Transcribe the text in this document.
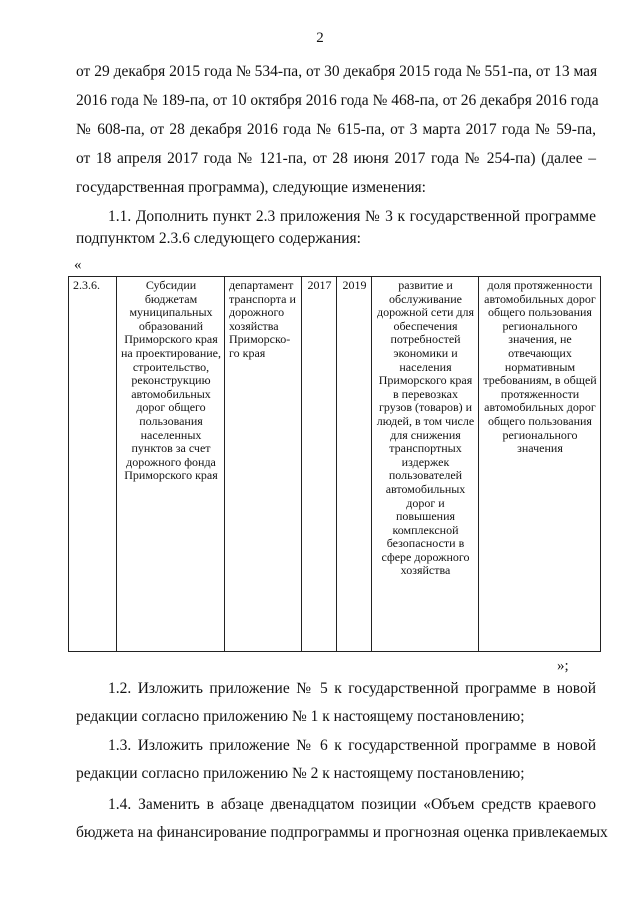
2
от 29 декабря 2015 года № 534-па, от 30 декабря 2015 года № 551-па, от 13 мая
2016 года № 189-па, от 10 октября 2016 года № 468-па, от 26 декабря 2016 года
№ 608-па, от 28 декабря 2016 года № 615-па, от 3 марта 2017 года № 59-па,
от 18 апреля 2017 года № 121-па, от 28 июня 2017 года № 254-па) (далее –
государственная программа), следующие изменения:
1.1. Дополнить пункт 2.3 приложения № 3 к государственной программе
подпунктом 2.3.6 следующего содержания:
«
2.3.6.	Субсидии бюджетам муниципальных образований Приморского края на проектирование, строительство, реконструкцию автомобильных дорог общего пользования населенных пунктов за счет дорожного фонда Приморского края	департамент транспорта и дорожного хозяйства Приморско-го края	2017	2019	развитие и обслуживание дорожной сети для обеспечения потребностей экономики и населения Приморского края в перевозках грузов (товаров) и людей, в том числе для снижения транспортных издержек пользователей автомобильных дорог и повышения комплексной безопасности в сфере дорожного хозяйства	доля протяженности автомобильных дорог общего пользования регионального значения, не отвечающих нормативным требованиям, в общей протяженности автомобильных дорог общего пользования регионального значения
»;
1.2. Изложить приложение № 5 к государственной программе в новой
редакции согласно приложению № 1 к настоящему постановлению;
1.3. Изложить приложение № 6 к государственной программе в новой
редакции согласно приложению № 2 к настоящему постановлению;
1.4. Заменить в абзаце двенадцатом позиции «Объем средств краевого
бюджета на финансирование подпрограммы и прогнозная оценка привлекаемых
